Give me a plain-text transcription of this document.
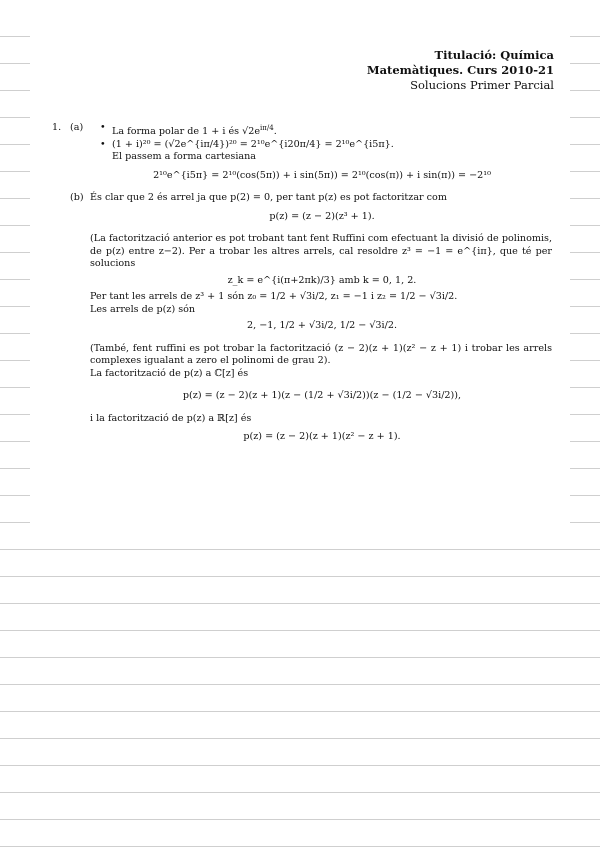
Titulació: Química
Matemàtiques. Curs 2010-21
Solucions Primer Parcial
1. (a) • La forma polar de 1 + i és $√2e^{i\pi/4}$.
• (1 + i)²⁰ = (√2e^{iπ/4})²⁰ = 2¹⁰e^{i20π/4} = 2¹⁰e^{i5π}.
El passem a forma cartesiana
2¹⁰e^{i5π} = 2¹⁰(cos(5π)) + i sin(5π)) = 2¹⁰(cos(π)) + i sin(π)) = −2¹⁰
(b) És clar que 2 és arrel ja que p(2) = 0, per tant p(z) es pot factoritzar com
p(z) = (z − 2)(z³ + 1).
(La factorització anterior es pot trobant tant fent Ruffini com efectuant la divisió de polinomis, de p(z) entre z−2). Per a trobar les altres arrels, cal resoldre z³ = −1 = e^{iπ}, que té per solucions
z_k = e^{i(π+2πk)/3} amb k = 0, 1, 2.
Per tant les arrels de z³ + 1 són z₀ = 1/2 + √3i/2, z₁ = −1 i z₂ = 1/2 − √3i/2.
Les arrels de p(z) són
2, −1, 1/2 + √3i/2, 1/2 − √3i/2.
(També, fent ruffini es pot trobar la factorització (z − 2)(z + 1)(z² − z + 1) i trobar les arrels complexes igualant a zero el polinomi de grau 2).
La factorització de p(z) a ℂ[z] és
p(z) = (z − 2)(z + 1)(z − (1/2 + √3i/2))(z − (1/2 − √3i/2)),
i la factorització de p(z) a ℝ[z] és
p(z) = (z − 2)(z + 1)(z² − z + 1).
